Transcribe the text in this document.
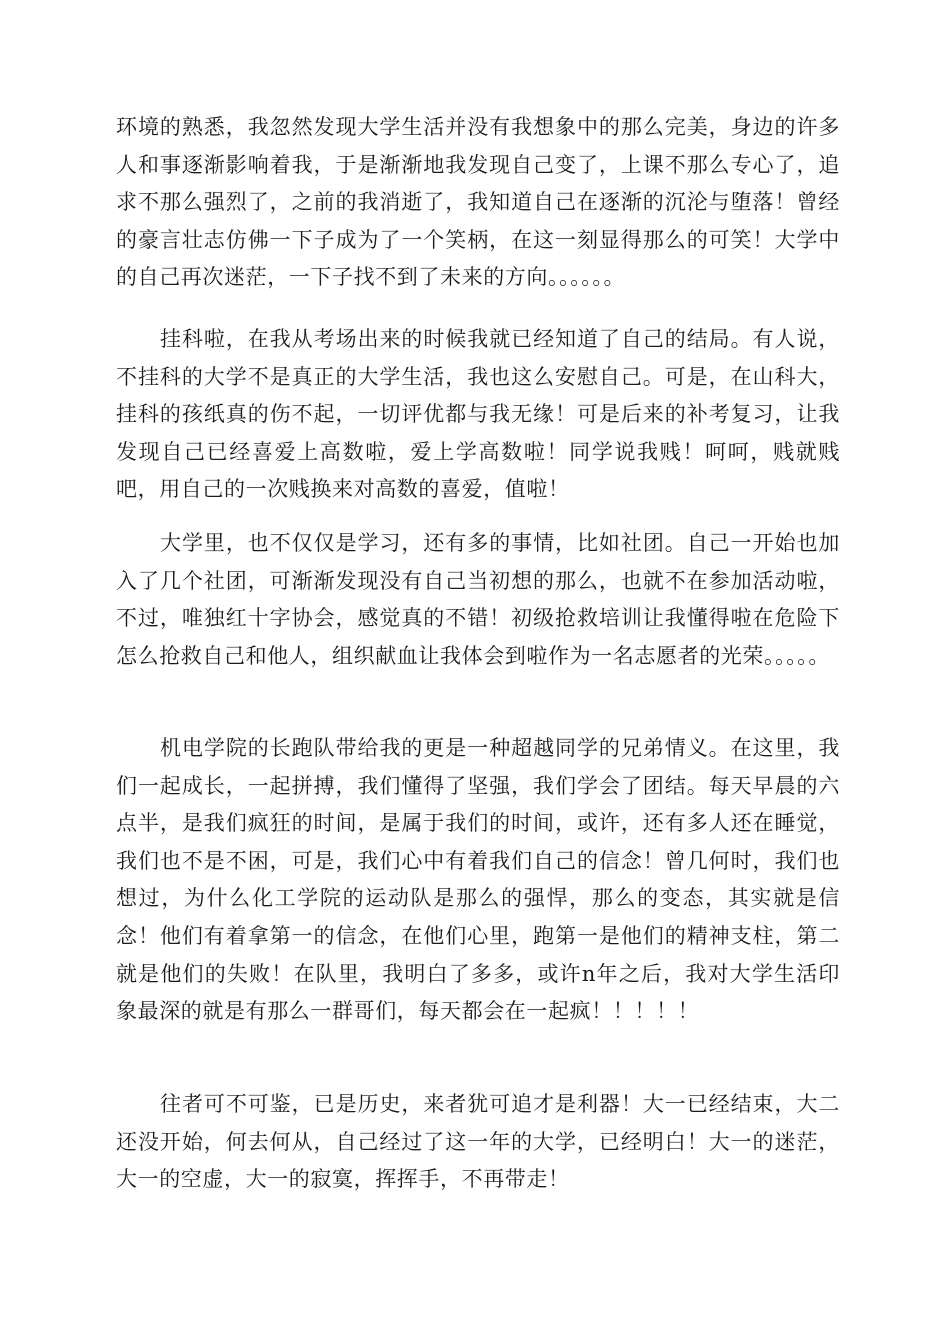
环境的熟悉，我忽然发现大学生活并没有我想象中的那么完美，身边的许多人和事逐渐影响着我，于是渐渐地我发现自己变了，上课不那么专心了，追求不那么强烈了，之前的我消逝了，我知道自己在逐渐的沉沦与堕落！曾经的豪言壮志仿佛一下子成为了一个笑柄，在这一刻显得那么的可笑！大学中的自己再次迷茫，一下子找不到了未来的方向。。。。。。

挂科啦，在我从考场出来的时候我就已经知道了自己的结局。有人说，不挂科的大学不是真正的大学生活，我也这么安慰自己。可是，在山科大，挂科的孩纸真的伤不起，一切评优都与我无缘！可是后来的补考复习，让我发现自己已经喜爱上高数啦，爱上学高数啦！同学说我贱！呵呵，贱就贱吧，用自己的一次贱换来对高数的喜爱，值啦！

大学里，也不仅仅是学习，还有多的事情，比如社团。自己一开始也加入了几个社团，可渐渐发现没有自己当初想的那么，也就不在参加活动啦，不过，唯独红十字协会，感觉真的不错！初级抢救培训让我懂得啦在危险下怎么抢救自己和他人，组织献血让我体会到啦作为一名志愿者的光荣。。。。。

机电学院的长跑队带给我的更是一种超越同学的兄弟情义。在这里，我们一起成长，一起拼搏，我们懂得了坚强，我们学会了团结。每天早晨的六点半，是我们疯狂的时间，是属于我们的时间，或许，还有多人还在睡觉，我们也不是不困，可是，我们心中有着我们自己的信念！曾几何时，我们也想过，为什么化工学院的运动队是那么的强悍，那么的变态，其实就是信念！他们有着拿第一的信念，在他们心里，跑第一是他们的精神支柱，第二就是他们的失败！在队里，我明白了多多，或许n年之后，我对大学生活印象最深的就是有那么一群哥们，每天都会在一起疯！！！！！

往者可不可鉴，已是历史，来者犹可追才是利器！大一已经结束，大二还没开始，何去何从，自己经过了这一年的大学，已经明白！大一的迷茫，大一的空虚，大一的寂寞，挥挥手，不再带走！
